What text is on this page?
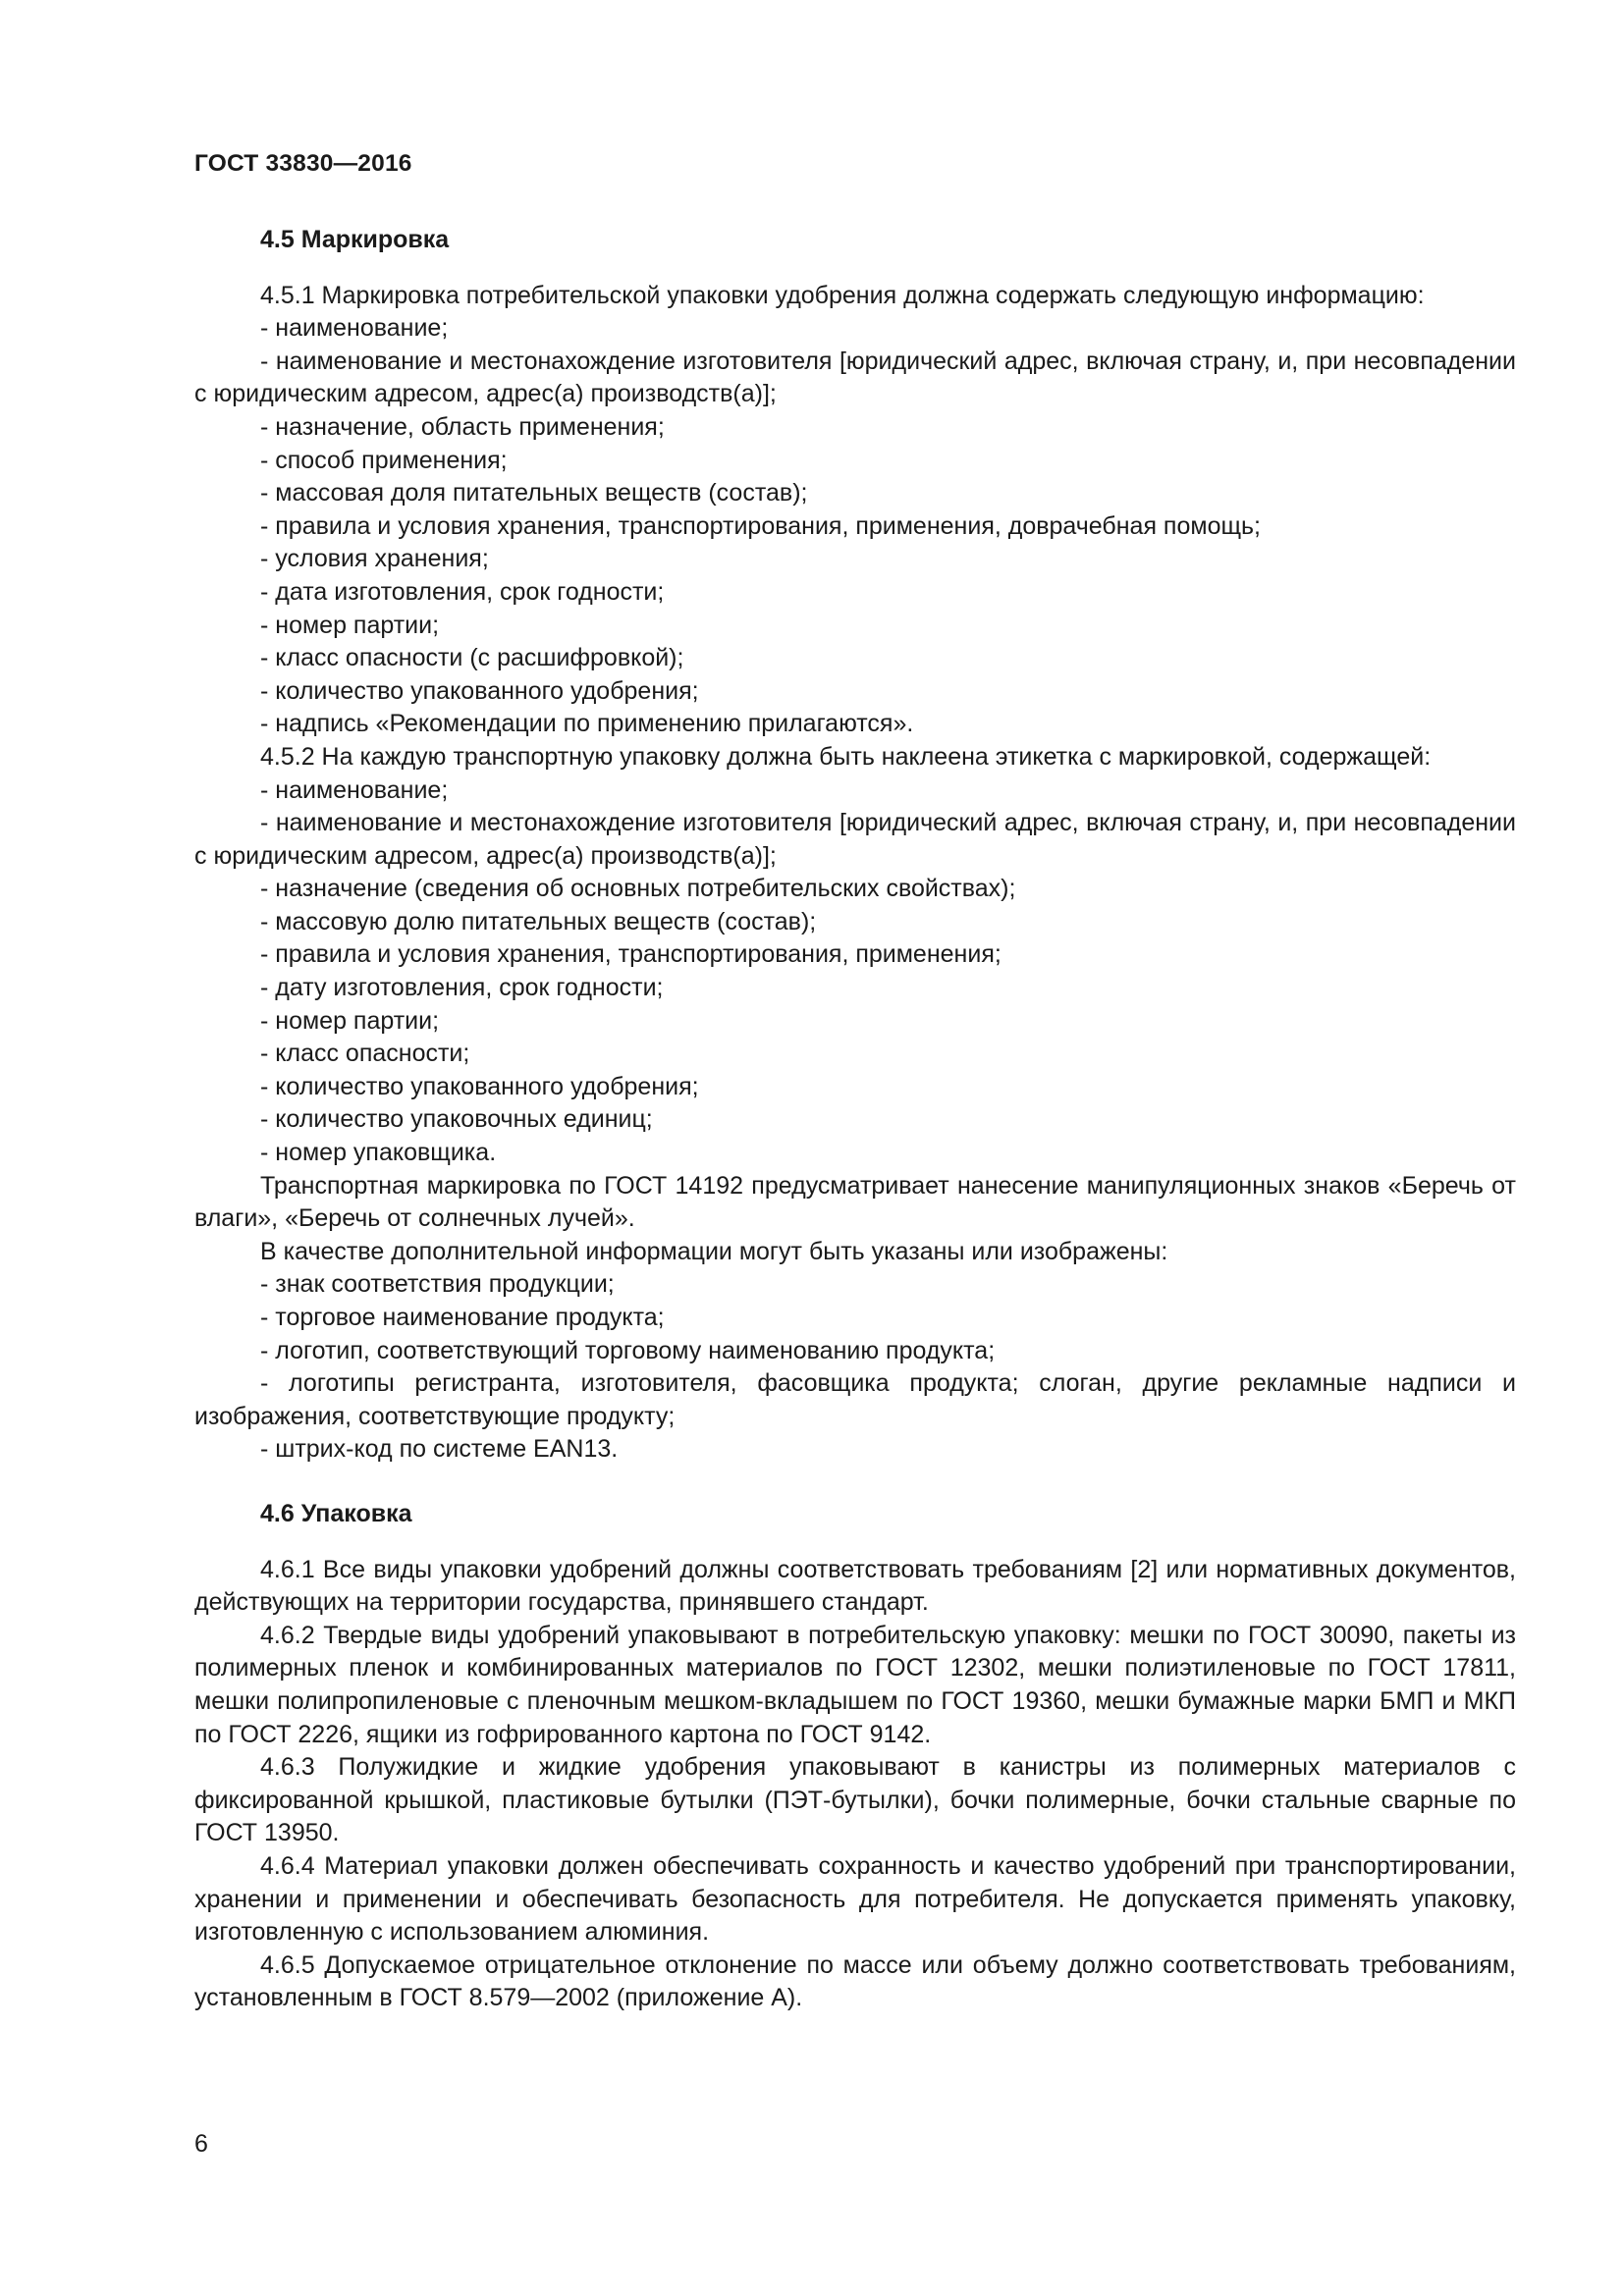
ГОСТ 33830—2016
4.5 Маркировка
4.5.1 Маркировка потребительской упаковки удобрения должна содержать следующую информацию:
- наименование;
- наименование и местонахождение изготовителя [юридический адрес, включая страну, и, при несовпадении с юридическим адресом, адрес(а) производств(а)];
- назначение, область применения;
- способ применения;
- массовая доля питательных веществ (состав);
- правила и условия хранения, транспортирования, применения, доврачебная помощь;
- условия хранения;
- дата изготовления, срок годности;
- номер партии;
- класс опасности (с расшифровкой);
- количество упакованного удобрения;
- надпись «Рекомендации по применению прилагаются».
4.5.2 На каждую транспортную упаковку должна быть наклеена этикетка с маркировкой, содержащей:
- наименование;
- наименование и местонахождение изготовителя [юридический адрес, включая страну, и, при несовпадении с юридическим адресом, адрес(а) производств(а)];
- назначение (сведения об основных потребительских свойствах);
- массовую долю питательных веществ (состав);
- правила и условия хранения, транспортирования, применения;
- дату изготовления, срок годности;
- номер партии;
- класс опасности;
- количество упакованного удобрения;
- количество упаковочных единиц;
- номер упаковщика.
Транспортная маркировка по ГОСТ 14192 предусматривает нанесение манипуляционных знаков «Беречь от влаги», «Беречь от солнечных лучей».
В качестве дополнительной информации могут быть указаны или изображены:
- знак соответствия продукции;
- торговое наименование продукта;
- логотип, соответствующий торговому наименованию продукта;
- логотипы регистранта, изготовителя, фасовщика продукта; слоган, другие рекламные надписи и изображения, соответствующие продукту;
- штрих-код по системе EAN13.
4.6 Упаковка
4.6.1 Все виды упаковки удобрений должны соответствовать требованиям [2] или нормативных документов, действующих на территории государства, принявшего стандарт.
4.6.2 Твердые виды удобрений упаковывают в потребительскую упаковку: мешки по ГОСТ 30090, пакеты из полимерных пленок и комбинированных материалов по ГОСТ 12302, мешки полиэтиленовые по ГОСТ 17811, мешки полипропиленовые с пленочным мешком-вкладышем по ГОСТ 19360, мешки бумажные марки БМП и МКП по ГОСТ 2226, ящики из гофрированного картона по ГОСТ 9142.
4.6.3 Полужидкие и жидкие удобрения упаковывают в канистры из полимерных материалов с фиксированной крышкой, пластиковые бутылки (ПЭТ-бутылки), бочки полимерные, бочки стальные сварные по ГОСТ 13950.
4.6.4 Материал упаковки должен обеспечивать сохранность и качество удобрений при транспортировании, хранении и применении и обеспечивать безопасность для потребителя. Не допускается применять упаковку, изготовленную с использованием алюминия.
4.6.5 Допускаемое отрицательное отклонение по массе или объему должно соответствовать требованиям, установленным в ГОСТ 8.579—2002 (приложение А).
6
